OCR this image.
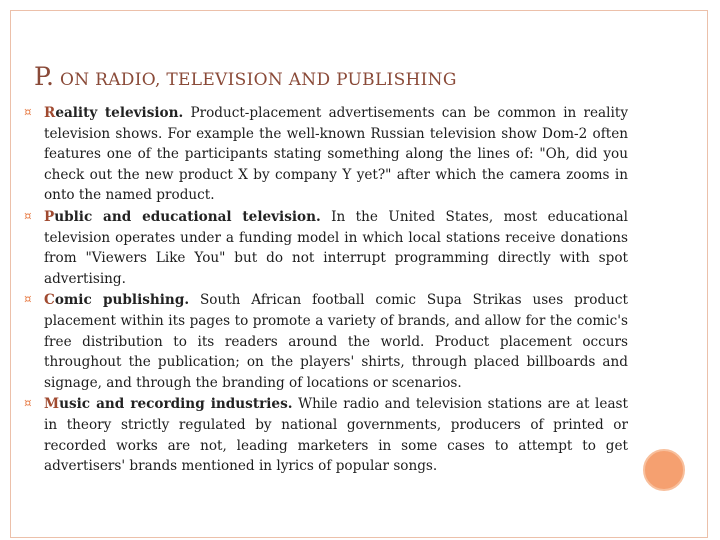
P. ON RADIO, TELEVISION AND PUBLISHING
¤ Reality television. Product-placement advertisements can be common in reality television shows. For example the well-known Russian television show Dom-2 often features one of the participants stating something along the lines of: "Oh, did you check out the new product X by company Y yet?" after which the camera zooms in onto the named product.
¤ Public and educational television. In the United States, most educational television operates under a funding model in which local stations receive donations from "Viewers Like You" but do not interrupt programming directly with spot advertising.
¤ Comic publishing. South African football comic Supa Strikas uses product placement within its pages to promote a variety of brands, and allow for the comic's free distribution to its readers around the world. Product placement occurs throughout the publication; on the players' shirts, through placed billboards and signage, and through the branding of locations or scenarios.
¤ Music and recording industries. While radio and television stations are at least in theory strictly regulated by national governments, producers of printed or recorded works are not, leading marketers in some cases to attempt to get advertisers' brands mentioned in lyrics of popular songs.
